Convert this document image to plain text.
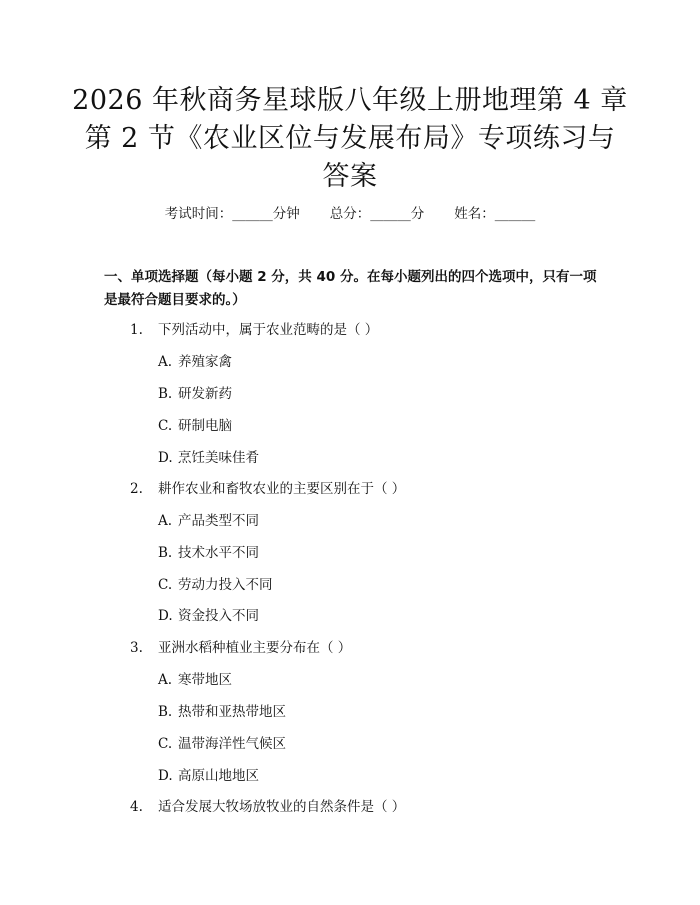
2026 年秋商务星球版八年级上册地理第 4 章
第 2 节《农业区位与发展布局》专项练习与
答案
考试时间：______分钟 总分：______分 姓名：______

一、单项选择题（每小题 2 分，共 40 分。在每小题列出的四个选项中，只有一项

是最符合题目要求的。）

1.	下列活动中，属于农业范畴的是（ ）
A. 养殖家禽
B. 研发新药
C. 研制电脑
D. 烹饪美味佳肴
2.	耕作农业和畜牧农业的主要区别在于（ ）
A. 产品类型不同
B. 技术水平不同
C. 劳动力投入不同
D. 资金投入不同
3.	亚洲水稻种植业主要分布在（ ）
A. 寒带地区
B. 热带和亚热带地区
C. 温带海洋性气候区
D. 高原山地地区
4.	适合发展大牧场放牧业的自然条件是（ ）
